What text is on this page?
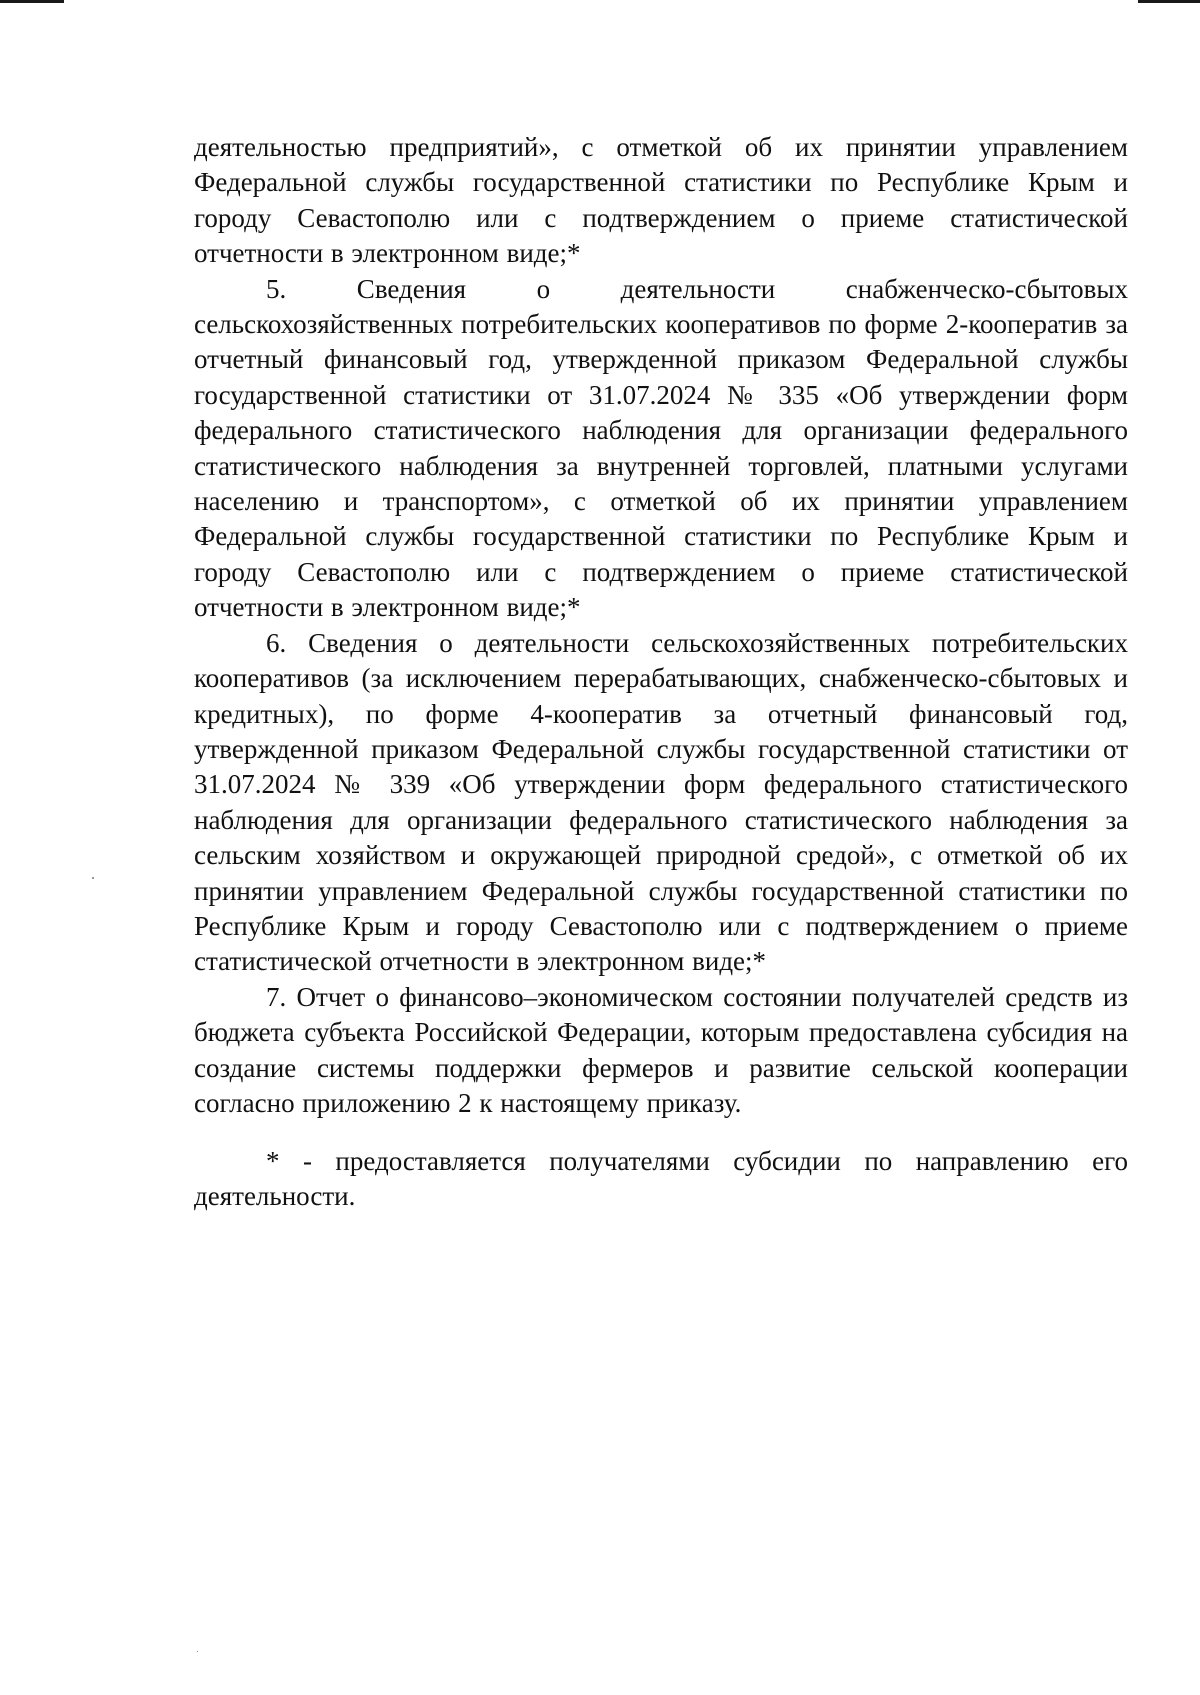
деятельностью предприятий», с отметкой об их принятии управлением Федеральной службы государственной статистики по Республике Крым и городу Севастополю или с подтверждением о приеме статистической отчетности в электронном виде;*

5. Сведения о деятельности снабженческо-сбытовых сельскохозяйственных потребительских кооперативов по форме 2-кооператив за отчетный финансовый год, утвержденной приказом Федеральной службы государственной статистики от 31.07.2024 № 335 «Об утверждении форм федерального статистического наблюдения для организации федерального статистического наблюдения за внутренней торговлей, платными услугами населению и транспортом», с отметкой об их принятии управлением Федеральной службы государственной статистики по Республике Крым и городу Севастополю или с подтверждением о приеме статистической отчетности в электронном виде;*

6. Сведения о деятельности сельскохозяйственных потребительских кооперативов (за исключением перерабатывающих, снабженческо-сбытовых и кредитных), по форме 4-кооператив за отчетный финансовый год, утвержденной приказом Федеральной службы государственной статистики от 31.07.2024 № 339 «Об утверждении форм федерального статистического наблюдения для организации федерального статистического наблюдения за сельским хозяйством и окружающей природной средой», с отметкой об их принятии управлением Федеральной службы государственной статистики по Республике Крым и городу Севастополю или с подтверждением о приеме статистической отчетности в электронном виде;*

7. Отчет о финансово–экономическом состоянии получателей средств из бюджета субъекта Российской Федерации, которым предоставлена субсидия на создание системы поддержки фермеров и развитие сельской кооперации согласно приложению 2 к настоящему приказу.

* - предоставляется получателями субсидии по направлению его деятельности.
